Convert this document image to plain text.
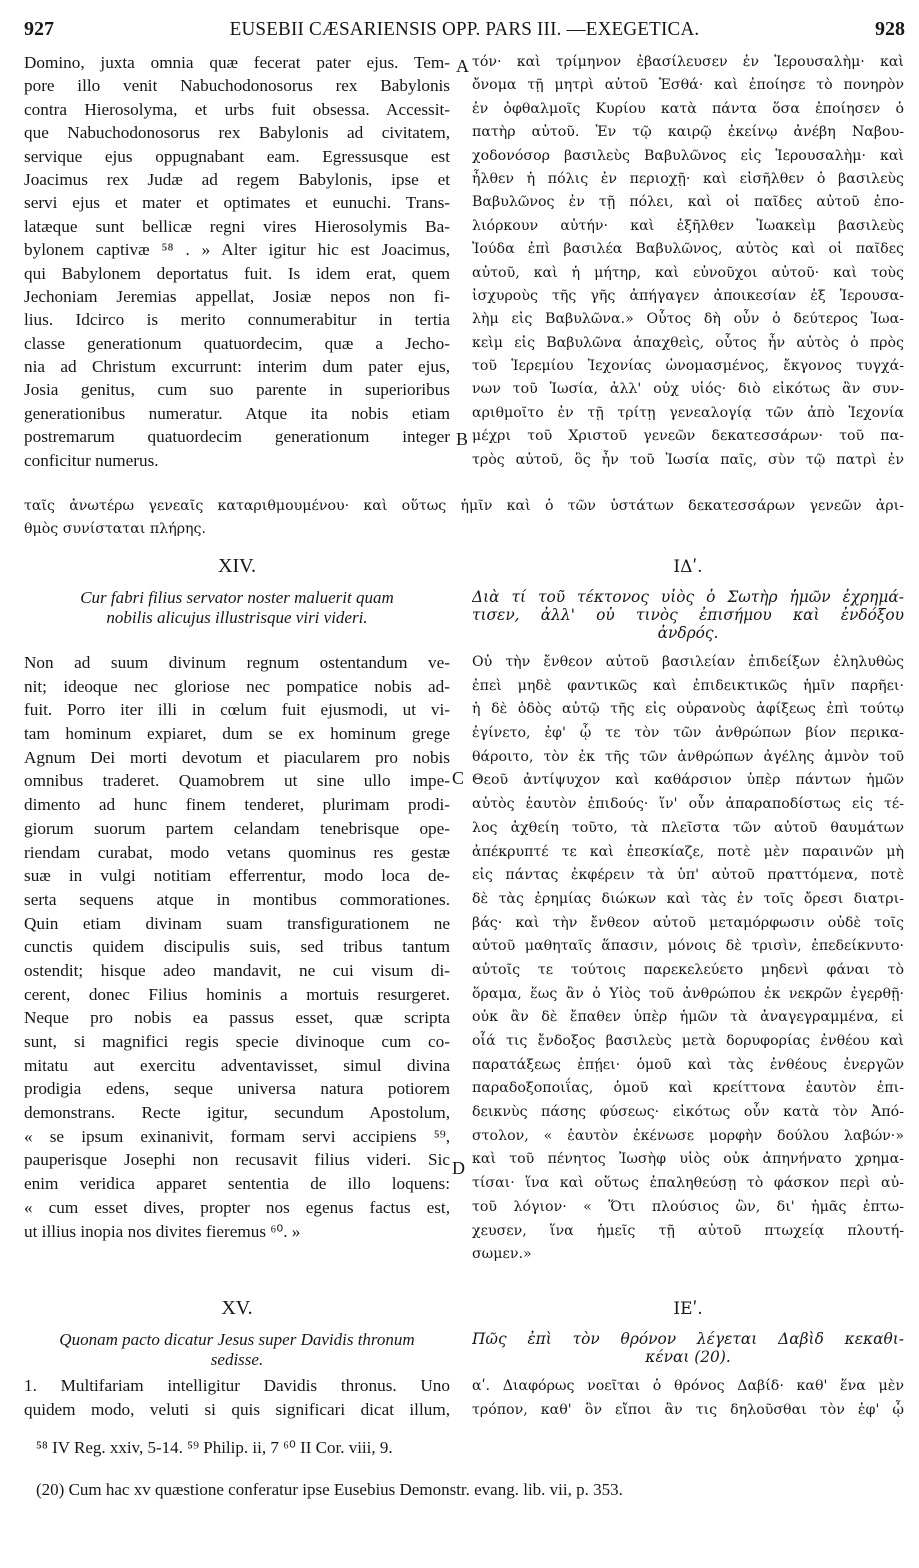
927	EUSEBII CÆSARIENSIS OPP. PARS III. —EXEGETICA.	928
A
B
C
D
Domino, juxta omnia quæ fecerat pater ejus. Tem-
pore illo venit Nabuchodonosorus rex Babylonis
contra Hierosolyma, et urbs fuit obsessa. Accessit-
que Nabuchodonosorus rex Babylonis ad civitatem,
servique ejus oppugnabant eam. Egressusque est
Joacimus rex Judæ ad regem Babylonis, ipse et
servi ejus et mater et optimates et eunuchi. Trans-
latæque sunt bellicæ regni vires Hierosolymis Ba-
bylonem captivæ ⁵⁸ . » Alter igitur hic est Joacimus,
qui Babylonem deportatus fuit. Is idem erat, quem
Jechoniam Jeremias appellat, Josiæ nepos non fi-
lius. Idcirco is merito connumerabitur in tertia
classe generationum quatuordecim, quæ a Jecho-
nia ad Christum excurrunt: interim dum pater ejus,
Josia genitus, cum suo parente in superioribus
generationibus numeratur. Atque ita nobis etiam
postremarum quatuordecim generationum integer
conficitur numerus.
τόν· καὶ τρίμηνον ἐβασίλευσεν ἐν Ἱερουσαλὴμ· καὶ
ὄνομα τῇ μητρὶ αὐτοῦ Ἐσθά· καὶ ἐποίησε τὸ πονηρὸν
ἐν ὀφθαλμοῖς Κυρίου κατὰ πάντα ὅσα ἐποίησεν ὁ
πατὴρ αὐτοῦ. Ἐν τῷ καιρῷ ἐκείνῳ ἀνέβη Ναβου-
χοδονόσορ βασιλεὺς Βαβυλῶνος εἰς Ἱερουσαλὴμ· καὶ
ἦλθεν ἡ πόλις ἐν περιοχῇ· καὶ εἰσῆλθεν ὁ βασιλεὺς
Βαβυλῶνος ἐν τῇ πόλει, καὶ οἱ παῖδες αὐτοῦ ἐπο-
λιόρκουν αὐτήν· καὶ ἐξῆλθεν Ἰωακεὶμ βασιλεὺς
Ἰούδα ἐπὶ βασιλέα Βαβυλῶνος, αὐτὸς καὶ οἱ παῖδες
αὐτοῦ, καὶ ἡ μήτηρ, καὶ εὐνοῦχοι αὐτοῦ· καὶ τοὺς
ἰσχυροὺς τῆς γῆς ἀπήγαγεν ἀποικεσίαν ἐξ Ἱερουσα-
λὴμ εἰς Βαβυλῶνα.» Οὗτος δὴ οὖν ὁ δεύτερος Ἰωα-
κεὶμ εἰς Βαβυλῶνα ἀπαχθεὶς, οὗτος ἦν αὐτὸς ὁ πρὸς
τοῦ Ἱερεμίου Ἰεχονίας ὠνομασμένος, ἔκγονος τυγχά-
νων τοῦ Ἰωσία, ἀλλ' οὐχ υἱός· διὸ εἰκότως ἂν συν-
αριθμοῖτο ἐν τῇ τρίτῃ γενεαλογίᾳ τῶν ἀπὸ Ἰεχονία
μέχρι τοῦ Χριστοῦ γενεῶν δεκατεσσάρων· τοῦ πα-
τρὸς αὐτοῦ, ὃς ἦν τοῦ Ἰωσία παῖς, σὺν τῷ πατρὶ ἐν
ταῖς ἀνωτέρω γενεαῖς καταριθμουμένου· καὶ οὕτως ἡμῖν καὶ ὁ τῶν ὑστάτων δεκατεσσάρων γενεῶν ἀρι-
θμὸς συνίσταται πλήρης.
XIV.	ΙΔʹ.
Cur fabri filius servator noster maluerit quam
nobilis alicujus illustrisque viri videri.
Διὰ τί τοῦ τέκτονος υἱὸς ὁ Σωτὴρ ἡμῶν ἐχρημά-
τισεν, ἀλλ' οὐ τινὸς ἐπισήμου καὶ ἐνδόξου
ἀνδρός.
Non ad suum divinum regnum ostentandum ve-
nit; ideoque nec gloriose nec pompatice nobis ad-
fuit. Porro iter illi in cœlum fuit ejusmodi, ut vi-
tam hominum expiaret, dum se ex hominum grege
Agnum Dei morti devotum et piacularem pro nobis
omnibus traderet. Quamobrem ut sine ullo impe-
dimento ad hunc finem tenderet, plurimam prodi-
giorum suorum partem celandam tenebrisque ope-
riendam curabat, modo vetans quominus res gestæ
suæ in vulgi notitiam efferrentur, modo loca de-
serta sequens atque in montibus commorationes.
Quin etiam divinam suam transfigurationem ne
cunctis quidem discipulis suis, sed tribus tantum
ostendit; hisque adeo mandavit, ne cui visum di-
cerent, donec Filius hominis a mortuis resurgeret.
Neque pro nobis ea passus esset, quæ scripta
sunt, si magnifici regis specie divinoque cum co-
mitatu aut exercitu adventavisset, simul divina
prodigia edens, seque universa natura potiorem
demonstrans. Recte igitur, secundum Apostolum,
« se ipsum exinanivit, formam servi accipiens ⁵⁹,
pauperisque Josephi non recusavit filius videri. Sic
enim veridica apparet sententia de illo loquens:
« cum esset dives, propter nos egenus factus est,
ut illius inopia nos divites fieremus ⁶⁰. »
Οὐ τὴν ἔνθεον αὐτοῦ βασιλείαν ἐπιδείξων ἐληλυθὼς
ἐπεὶ μηδὲ φαντικῶς καὶ ἐπιδεικτικῶς ἡμῖν παρῆει·
ἡ δὲ ὁδὸς αὐτῷ τῆς εἰς οὐρανοὺς ἀφίξεως ἐπὶ τούτῳ
ἐγίνετο, ἐφ' ᾧ τε τὸν τῶν ἀνθρώπων βίον περικα-
θάροιτο, τὸν ἐκ τῆς τῶν ἀνθρώπων ἀγέλης ἀμνὸν τοῦ
Θεοῦ ἀντίψυχον καὶ καθάρσιον ὑπὲρ πάντων ἡμῶν
αὐτὸς ἑαυτὸν ἐπιδούς· ἵν' οὖν ἀπαραποδίστως εἰς τέ-
λος ἀχθείη τοῦτο, τὰ πλεῖστα τῶν αὐτοῦ θαυμάτων
ἀπέκρυπτέ τε καὶ ἐπεσκίαζε, ποτὲ μὲν παραινῶν μὴ
εἰς πάντας ἐκφέρειν τὰ ὑπ' αὐτοῦ πραττόμενα, ποτὲ
δὲ τὰς ἐρημίας διώκων καὶ τὰς ἐν τοῖς ὄρεσι διατρι-
βάς· καὶ τὴν ἔνθεον αὐτοῦ μεταμόρφωσιν οὐδὲ τοῖς
αὐτοῦ μαθηταῖς ἅπασιν, μόνοις δὲ τρισὶν, ἐπεδείκνυτο·
αὐτοῖς τε τούτοις παρεκελεύετο μηδενὶ φάναι τὸ
ὅραμα, ἕως ἂν ὁ Υἱὸς τοῦ ἀνθρώπου ἐκ νεκρῶν ἐγερθῇ·
οὐκ ἂν δὲ ἔπαθεν ὑπὲρ ἡμῶν τὰ ἀναγεγραμμένα, εἰ
οἷά τις ἔνδοξος βασιλεὺς μετὰ δορυφορίας ἐνθέου καὶ
παρατάξεως ἐπῄει· ὁμοῦ καὶ τὰς ἐνθέους ἐνεργῶν
παραδοξοποιΐας, ὁμοῦ καὶ κρείττονα ἑαυτὸν ἐπι-
δεικνὺς πάσης φύσεως· εἰκότως οὖν κατὰ τὸν Ἀπό-
στολον, « ἑαυτὸν ἐκένωσε μορφὴν δούλου λαβών·»
καὶ τοῦ πένητος Ἰωσὴφ υἱὸς οὐκ ἀπηνήνατο χρημα-
τίσαι· ἵνα καὶ οὕτως ἐπαληθεύσῃ τὸ φάσκον περὶ αὐ-
τοῦ λόγιον· « Ὅτι πλούσιος ὢν, δι' ἡμᾶς ἐπτω-
χευσεν, ἵνα ἡμεῖς τῇ αὐτοῦ πτωχείᾳ πλουτή-
σωμεν.»
XV.	ΙΕʹ.
Quonam pacto dicatur Jesus super Davidis thronum
sedisse.
Πῶς ἐπὶ τὸν θρόνον λέγεται Δαβὶδ κεκαθι-
κέναι (20).
1. Multifariam intelligitur Davidis thronus. Uno
quidem modo, veluti si quis significari dicat illum,
αʹ. Διαφόρως νοεῖται ὁ θρόνος Δαβίδ· καθ' ἕνα μὲν
τρόπον, καθ' ὃν εἴποι ἂν τις δηλοῦσθαι τὸν ἐφ' ᾧ
⁵⁸ IV Reg. xxiv, 5-14. ⁵⁹ Philip. ii, 7 ⁶⁰ II Cor. viii, 9.
(20) Cum hac xv quæstione conferatur ipse Eusebius Demonstr. evang. lib. vii, p. 353.
